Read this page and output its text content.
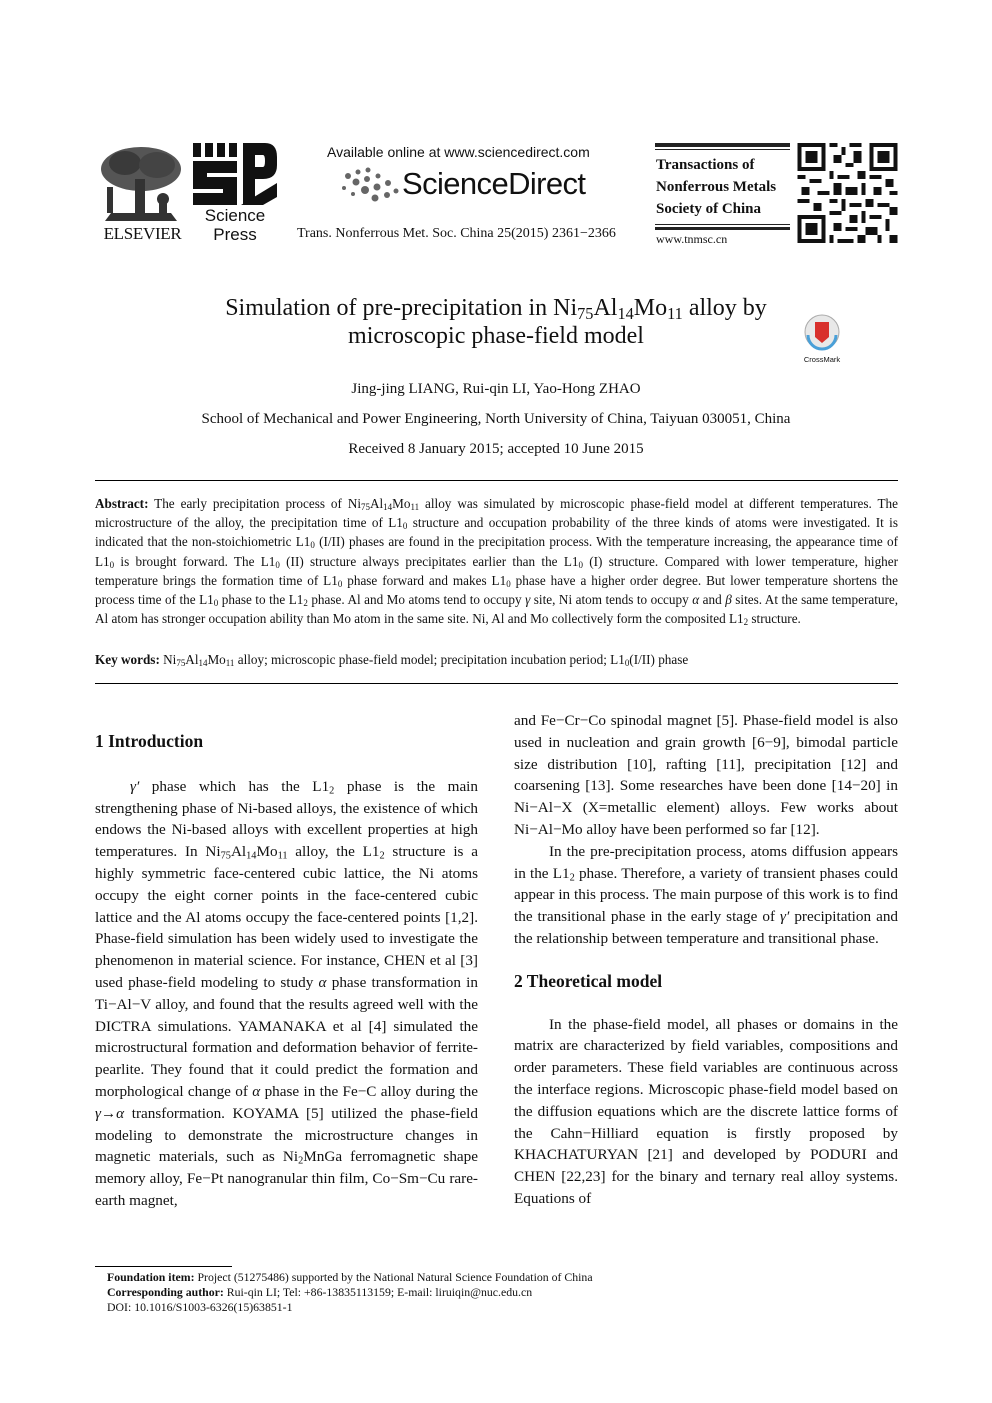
ELSEVIER
Science
Press
Available online at www.sciencedirect.com
ScienceDirect
Trans. Nonferrous Met. Soc. China 25(2015) 2361−2366
Transactions of
Nonferrous Metals
Society of China
www.tnmsc.cn
Simulation of pre-precipitation in $Ni_{75}Al_{14}Mo_{11}$ alloy by
microscopic phase-field model
CrossMark
Jing-jing LIANG, Rui-qin LI, Yao-Hong ZHAO
School of Mechanical and Power Engineering, North University of China, Taiyuan 030051, China
Received 8 January 2015; accepted 10 June 2015
Abstract: The early precipitation process of $Ni_{75}Al_{14}Mo_{11}$ alloy was simulated by microscopic phase-field model at different temperatures. The microstructure of the alloy, the precipitation time of $L1_0$ structure and occupation probability of the three kinds of atoms were investigated. It is indicated that the non-stoichiometric $L1_0$ (I/II) phases are found in the precipitation process. With the temperature increasing, the appearance time of $L1_0$ is brought forward. The $L1_0$ (II) structure always precipitates earlier than the $L1_0$ (I) structure. Compared with lower temperature, higher temperature brings the formation time of $L1_0$ phase forward and makes $L1_0$ phase have a higher order degree. But lower temperature shortens the process time of the $L1_0$ phase to the $L1_2$ phase. Al and Mo atoms tend to occupy γ site, Ni atom tends to occupy α and β sites. At the same temperature, Al atom has stronger occupation ability than Mo atom in the same site. Ni, Al and Mo collectively form the composited $L1_2$ structure.
Key words: $Ni_{75}Al_{14}Mo_{11}$ alloy; microscopic phase-field model; precipitation incubation period; $L1_0(I/II)$ phase
1 Introduction

γ′ phase which has the $L1_2$ phase is the main strengthening phase of Ni-based alloys, the existence of which endows the Ni-based alloys with excellent properties at high temperatures. In $Ni_{75}Al_{14}Mo_{11}$ alloy, the $L1_2$ structure is a highly symmetric face-centered cubic lattice, the Ni atoms occupy the eight corner points in the face-centered cubic lattice and the Al atoms occupy the face-centered points [1,2]. Phase-field simulation has been widely used to investigate the phenomenon in material science. For instance, CHEN et al [3] used phase-field modeling to study α phase transformation in Ti−Al−V alloy, and found that the results agreed well with the DICTRA simulations. YAMANAKA et al [4] simulated the microstructural formation and deformation behavior of ferrite-pearlite. They found that it could predict the formation and morphological change of α phase in the Fe−C alloy during the γ→α transformation. KOYAMA [5] utilized the phase-field modeling to demonstrate the microstructure changes in magnetic materials, such as $Ni_2MnGa$ ferromagnetic shape memory alloy, Fe−Pt nanogranular thin film, Co−Sm−Cu rare-earth magnet,

and Fe−Cr−Co spinodal magnet [5]. Phase-field model is also used in nucleation and grain growth [6−9], bimodal particle size distribution [10], rafting [11], precipitation [12] and coarsening [13]. Some researches have been done [14−20] in Ni−Al−X (X=metallic element) alloys. Few works about Ni−Al−Mo alloy have been performed so far [12].

In the pre-precipitation process, atoms diffusion appears in the $L1_2$ phase. Therefore, a variety of transient phases could appear in this process. The main purpose of this work is to find the transitional phase in the early stage of γ′ precipitation and the relationship between temperature and transitional phase.

2 Theoretical model

In the phase-field model, all phases or domains in the matrix are characterized by field variables, compositions and order parameters. These field variables are continuous across the interface regions. Microscopic phase-field model based on the diffusion equations which are the discrete lattice forms of the Cahn−Hilliard equation is firstly proposed by KHACHATURYAN [21] and developed by PODURI and CHEN [22,23] for the binary and ternary real alloy systems. Equations of

Foundation item: Project (51275486) supported by the National Natural Science Foundation of China
Corresponding author: Rui-qin LI; Tel: +86-13835113159; E-mail: liruiqin@nuc.edu.cn
DOI: 10.1016/S1003-6326(15)63851-1
